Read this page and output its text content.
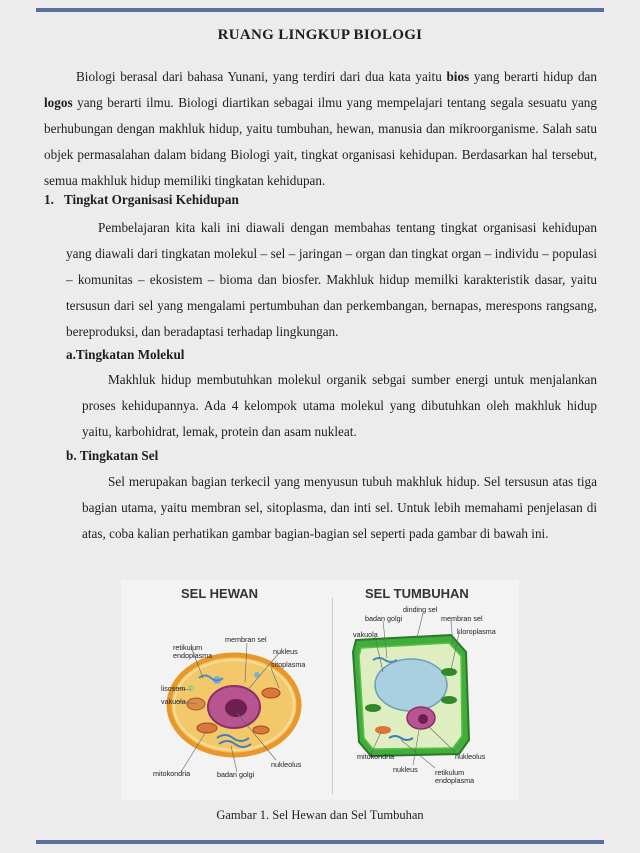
RUANG LINGKUP BIOLOGI

Biologi berasal dari bahasa Yunani, yang terdiri dari dua kata yaitu bios yang berarti hidup dan logos yang berarti ilmu. Biologi diartikan sebagai ilmu yang mempelajari tentang segala sesuatu yang berhubungan dengan makhluk hidup, yaitu tumbuhan, hewan, manusia dan mikroorganisme. Salah satu objek permasalahan dalam bidang Biologi yait, tingkat organisasi kehidupan. Berdasarkan hal tersebut, semua makhluk hidup memiliki tingkatan kehidupan.

1. Tingkat Organisasi Kehidupan

Pembelajaran kita kali ini diawali dengan membahas tentang tingkat organisasi kehidupan yang diawali dari tingkatan molekul – sel – jaringan – organ dan tingkat organ – individu – populasi – komunitas – ekosistem – bioma dan biosfer. Makhluk hidup memilki karakteristik dasar, yaitu tersusun dari sel yang mengalami pertumbuhan dan perkembangan, bernapas, merespons rangsang, bereproduksi, dan beradaptasi terhadap lingkungan.

a.Tingkatan Molekul

Makhluk hidup membutuhkan molekul organik sebgai sumber energi untuk menjalankan proses kehidupannya. Ada 4 kelompok utama molekul yang dibutuhkan oleh makhluk hidup yaitu, karbohidrat, lemak, protein dan asam nukleat.

b. Tingkatan Sel

Sel merupakan bagian terkecil yang menyusun tubuh makhluk hidup. Sel tersusun atas tiga bagian utama, yaitu membran sel, sitoplasma, dan inti sel. Untuk lebih memahami penjelasan di atas, coba kalian perhatikan gambar bagian-bagian sel seperti pada gambar di bawah ini.

SEL HEWAN	SEL TUMBUHAN
membran sel
retikulum
endoplasma	nukleus
sitoplasma
lisosom
vakuola
nukleolus
mitokondria	badan golgi
dinding sel
badan golgi	membran sel
vakuola	kloroplasma
mitokondria	nukleolus
nukleus retikulum
endoplasma
Gambar 1. Sel Hewan dan Sel Tumbuhan
